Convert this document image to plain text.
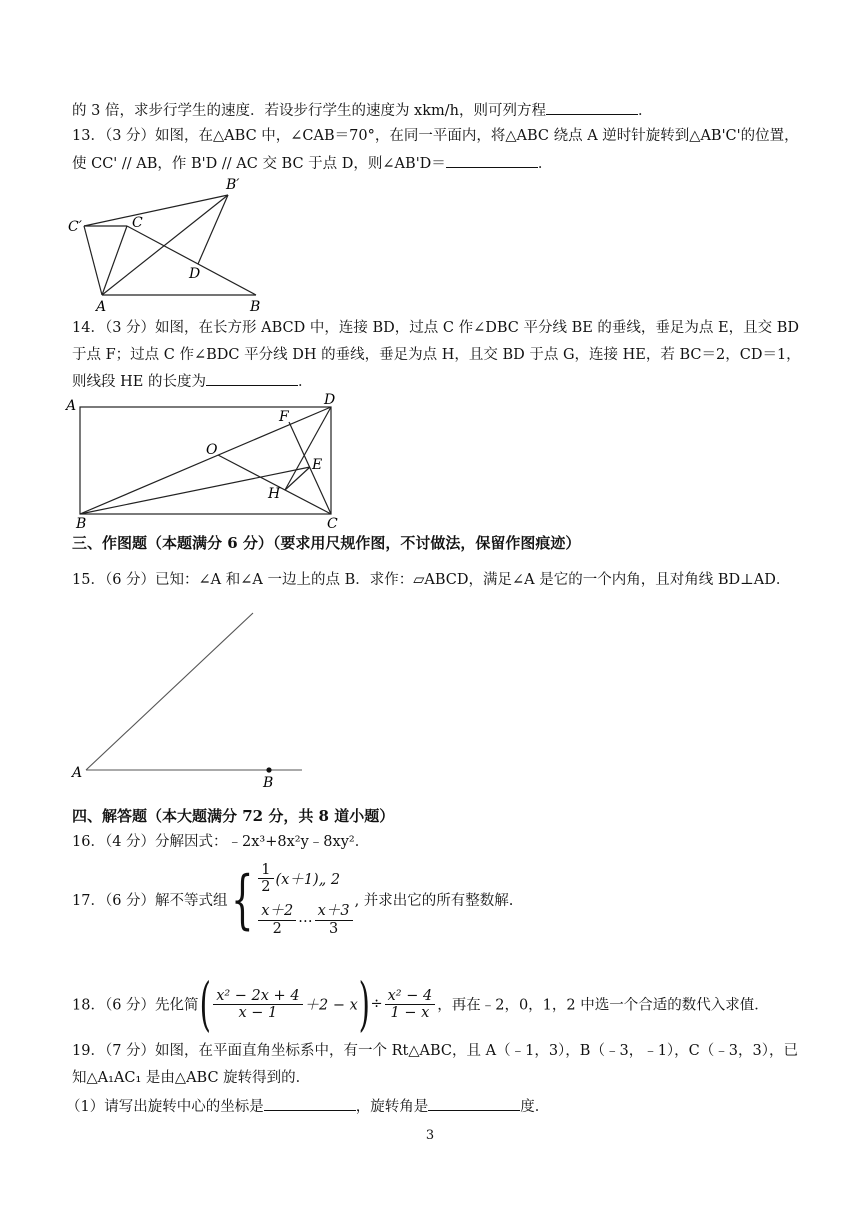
的 3 倍，求步行学生的速度．若设步行学生的速度为 xkm/h，则可列方程	．
13．（3 分）如图，在△ABC 中，∠CAB＝70°，在同一平面内，将△ABC 绕点 A 逆时针旋转到△AB'C'的位置，
使 CC' // AB，作 B'D // AC 交 BC 于点 D，则∠AB'D＝	．
C′	C
B′
D
A	B
14．（3 分）如图，在长方形 ABCD 中，连接 BD，过点 C 作∠DBC 平分线 BE 的垂线，垂足为点 E，且交 BD
于点 F；过点 C 作∠BDC 平分线 DH 的垂线，垂足为点 H，且交 BD 于点 G，连接 HE，若 BC＝2，CD＝1，
则线段 HE 的长度为	．
A	D
F
O
E
H
B	C
三、作图题（本题满分 6 分）（要求用尺规作图，不讨做法，保留作图痕迹）
15．（6 分）已知：∠A 和∠A 一边上的点 B．求作：▱ABCD，满足∠A 是它的一个内角，且对角线 BD⊥AD．
A
B
四、解答题（本大题满分 72 分，共 8 道小题）
16．（4 分）分解因式：﹣2x³+8x²y﹣8xy²．
17．（6 分）解不等式组{ $\frac{1}{2}$ (x＋1)„ 2
$\frac{x+2}{2}$ … $\frac{x+3}{3}$ , 并求出它的所有整数解.
18．（6 分）先化简( $\frac{\text{x² − 2x + 4}}{x - 1} +2 - x)\div \frac{\text{x² − 4}}{1 - x}$ ，再在﹣2，0，1，2 中选一个合适的数代入求值．
19．（7 分）如图，在平面直角坐标系中，有一个 Rt△ABC，且 A（﹣1，3），B（﹣3，﹣1），C（﹣3，3），已
知△A₁AC₁ 是由△ABC 旋转得到的．
（1）请写出旋转中心的坐标是	，旋转角是	度．
3
